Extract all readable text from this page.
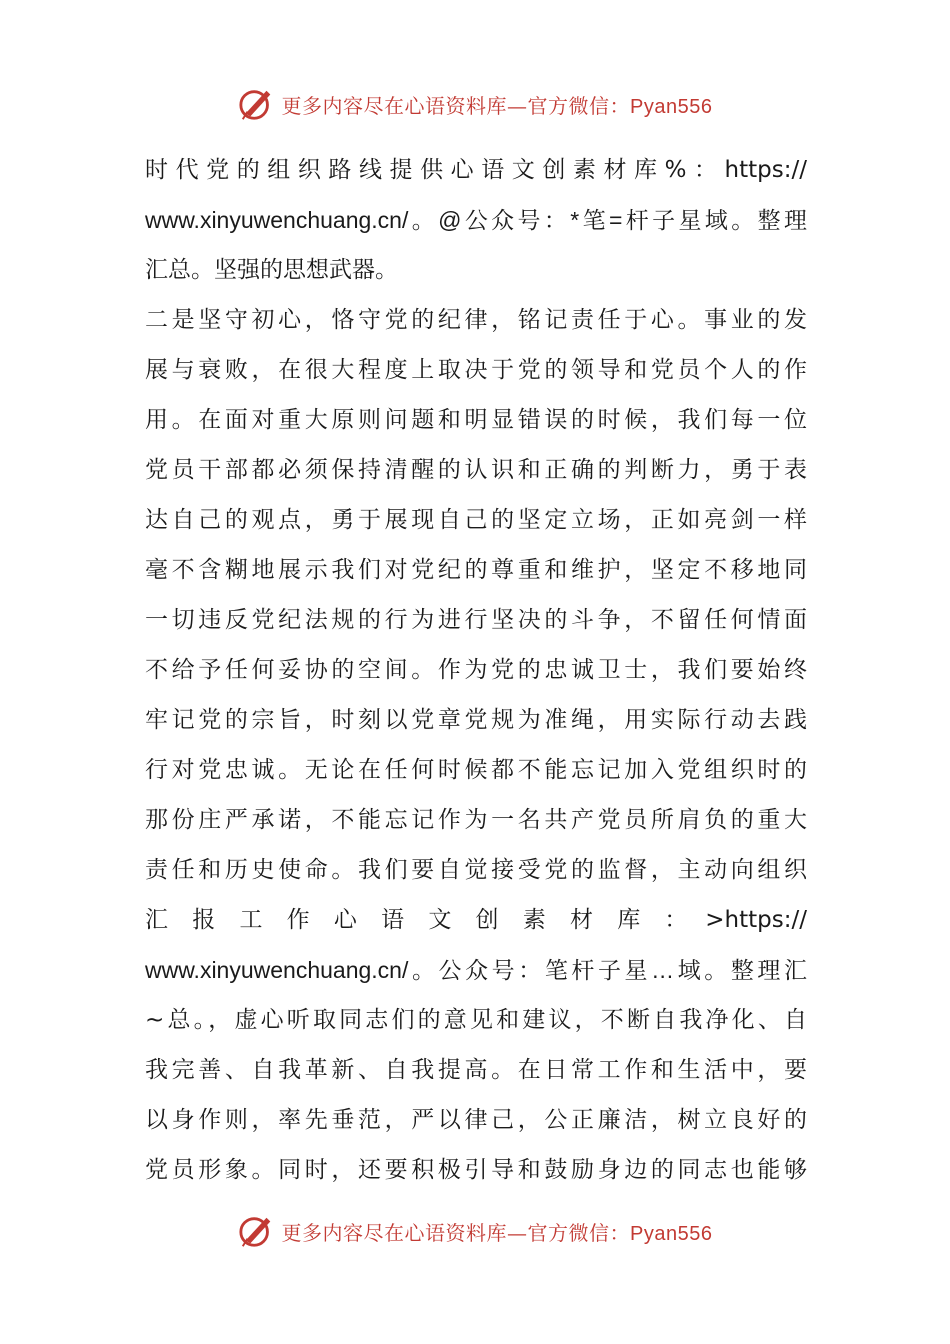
更多内容尽在心语资料库—官方微信：Pyan556
时代党的组织路线提供心语文创素材库%：https://
www.xinyuwenchuang.cn/。@公众号：*笔=杆子星域。整理
汇总。坚强的思想武器。
二是坚守初心，恪守党的纪律，铭记责任于心。事业的发
展与衰败，在很大程度上取决于党的领导和党员个人的作
用。在面对重大原则问题和明显错误的时候，我们每一位
党员干部都必须保持清醒的认识和正确的判断力，勇于表
达自己的观点，勇于展现自己的坚定立场，正如亮剑一样
毫不含糊地展示我们对党纪的尊重和维护，坚定不移地同
一切违反党纪法规的行为进行坚决的斗争，不留任何情面
不给予任何妥协的空间。作为党的忠诚卫士，我们要始终
牢记党的宗旨，时刻以党章党规为准绳，用实际行动去践
行对党忠诚。无论在任何时候都不能忘记加入党组织时的
那份庄严承诺，不能忘记作为一名共产党员所肩负的重大
责任和历史使命。我们要自觉接受党的监督，主动向组织
汇 报 工 作 心 语 文 创 素 材 库 ： >https://
www.xinyuwenchuang.cn/。公众号：笔杆子星…域。整理汇
~总。，虚心听取同志们的意见和建议，不断自我净化、自
我完善、自我革新、自我提高。在日常工作和生活中，要
以身作则，率先垂范，严以律己，公正廉洁，树立良好的
党员形象。同时，还要积极引导和鼓励身边的同志也能够
更多内容尽在心语资料库—官方微信：Pyan556
